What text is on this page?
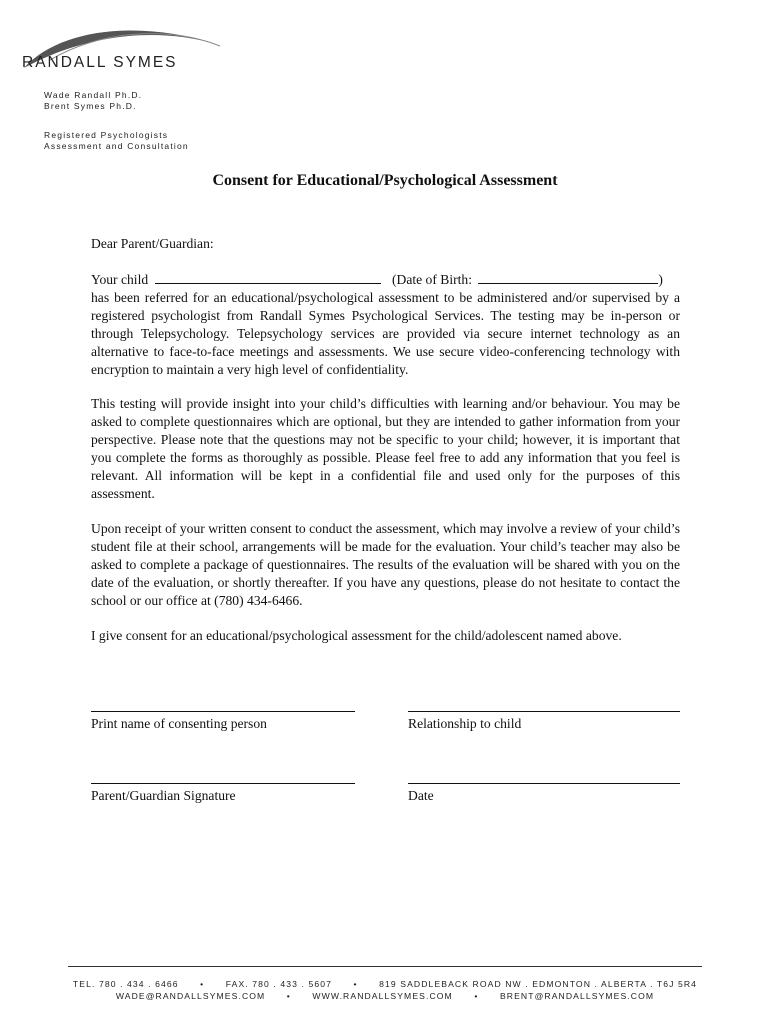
RANDALL SYMES
Wade Randall Ph.D.
Brent Symes Ph.D.
Registered Psychologists
Assessment and Consultation
Consent for Educational/Psychological Assessment
Dear Parent/Guardian:
Your child	(Date of Birth:	)
has been referred for an educational/psychological assessment to be administered and/or supervised by a registered psychologist from Randall Symes Psychological Services. The testing may be in-person or through Telepsychology. Telepsychology services are provided via secure internet technology as an alternative to face-to-face meetings and assessments. We use secure video-conferencing technology with encryption to maintain a very high level of confidentiality.
This testing will provide insight into your child’s difficulties with learning and/or behaviour. You may be asked to complete questionnaires which are optional, but they are intended to gather information from your perspective. Please note that the questions may not be specific to your child; however, it is important that you complete the forms as thoroughly as possible. Please feel free to add any information that you feel is relevant. All information will be kept in a confidential file and used only for the purposes of this assessment.
Upon receipt of your written consent to conduct the assessment, which may involve a review of your child’s student file at their school, arrangements will be made for the evaluation. Your child’s teacher may also be asked to complete a package of questionnaires. The results of the evaluation will be shared with you on the date of the evaluation, or shortly thereafter. If you have any questions, please do not hesitate to contact the school or our office at (780) 434-6466.
I give consent for an educational/psychological assessment for the child/adolescent named above.
Print name of consenting person	Relationship to child
Parent/Guardian Signature	Date
TEL. 780 . 434 . 6466	•	FAX. 780 . 433 . 5607	•	819 SADDLEBACK ROAD NW . EDMONTON . ALBERTA . T6J 5R4
WADE@RANDALLSYMES.COM	•	WWW.RANDALLSYMES.COM	•	BRENT@RANDALLSYMES.COM
